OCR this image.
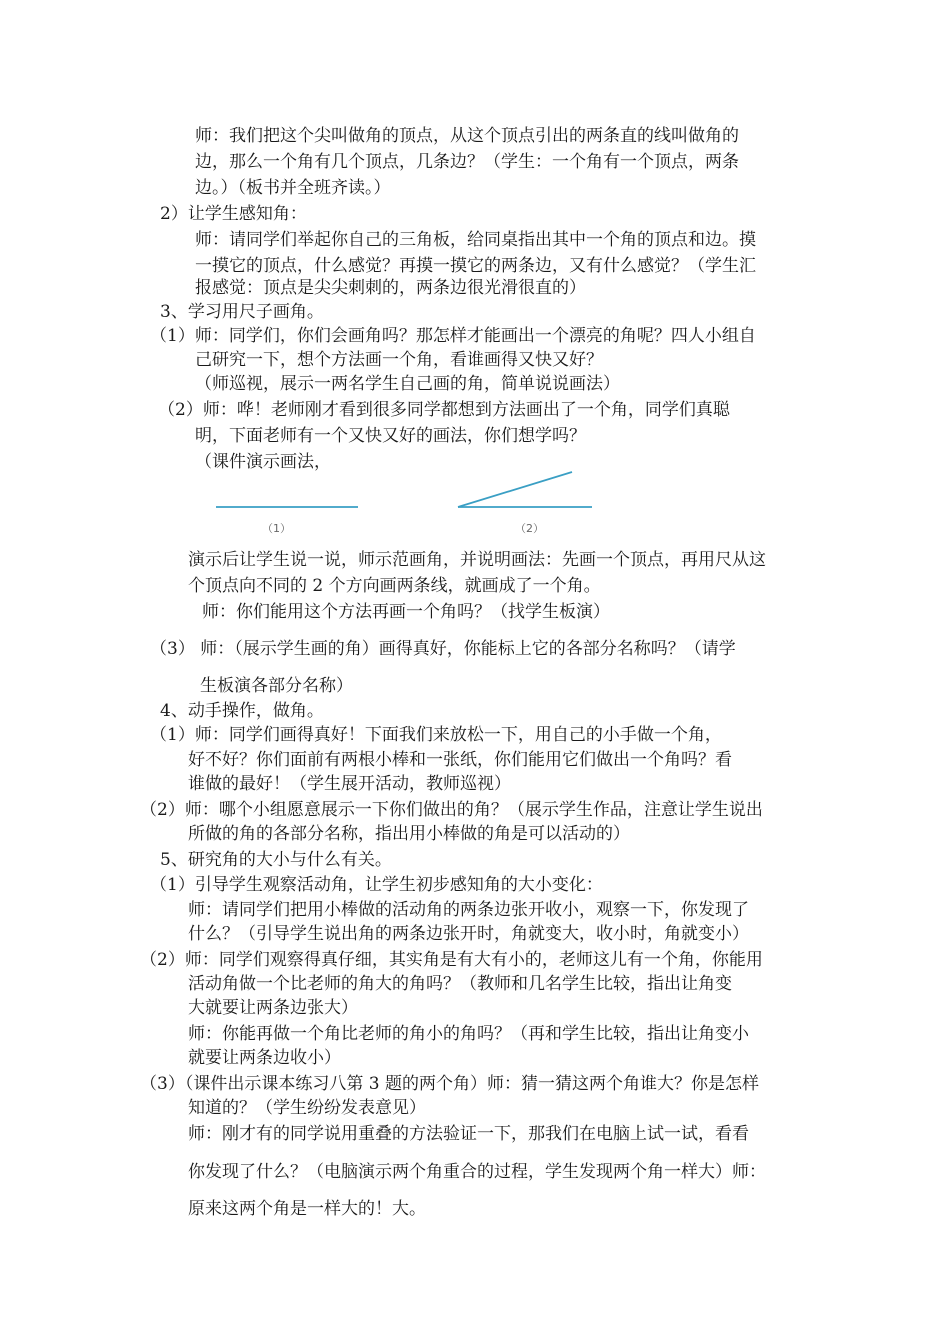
师：我们把这个尖叫做角的顶点，从这个顶点引出的两条直的线叫做角的
边，那么一个角有几个顶点，几条边？（学生：一个角有一个顶点，两条
边。）（板书并全班齐读。）
2）让学生感知角：
师：请同学们举起你自己的三角板，给同桌指出其中一个角的顶点和边。摸
一摸它的顶点，什么感觉？再摸一摸它的两条边，又有什么感觉？（学生汇
报感觉：顶点是尖尖刺刺的，两条边很光滑很直的）
3、学习用尺子画角。
（1）师：同学们，你们会画角吗？那怎样才能画出一个漂亮的角呢？四人小组自
己研究一下，想个方法画一个角，看谁画得又快又好？
（师巡视，展示一两名学生自己画的角，简单说说画法）
（2）师：哗！老师刚才看到很多同学都想到方法画出了一个角，同学们真聪
明，下面老师有一个又快又好的画法，你们想学吗？
（课件演示画法，
（1）	（2）
演示后让学生说一说，师示范画角，并说明画法：先画一个顶点，再用尺从这
个顶点向不同的 2 个方向画两条线，就画成了一个角。
师：你们能用这个方法再画一个角吗？（找学生板演）
（3） 师：（展示学生画的角）画得真好，你能标上它的各部分名称吗？（请学
生板演各部分名称）
4、动手操作，做角。
（1）师：同学们画得真好！下面我们来放松一下，用自己的小手做一个角，
好不好？你们面前有两根小棒和一张纸，你们能用它们做出一个角吗？看
谁做的最好！（学生展开活动，教师巡视）
（2）师：哪个小组愿意展示一下你们做出的角？（展示学生作品，注意让学生说出
所做的角的各部分名称，指出用小棒做的角是可以活动的）
5、研究角的大小与什么有关。
（1）引导学生观察活动角，让学生初步感知角的大小变化：
师：请同学们把用小棒做的活动角的两条边张开收小，观察一下，你发现了
什么？（引导学生说出角的两条边张开时，角就变大，收小时，角就变小）
（2）师：同学们观察得真仔细，其实角是有大有小的，老师这儿有一个角，你能用
活动角做一个比老师的角大的角吗？（教师和几名学生比较，指出让角变
大就要让两条边张大）
师：你能再做一个角比老师的角小的角吗？（再和学生比较，指出让角变小
就要让两条边收小）
（3）（课件出示课本练习八第 3 题的两个角）师：猜一猜这两个角谁大？你是怎样
知道的？（学生纷纷发表意见）
师：刚才有的同学说用重叠的方法验证一下，那我们在电脑上试一试，看看
你发现了什么？（电脑演示两个角重合的过程，学生发现两个角一样大）师：
原来这两个角是一样大的！大。
